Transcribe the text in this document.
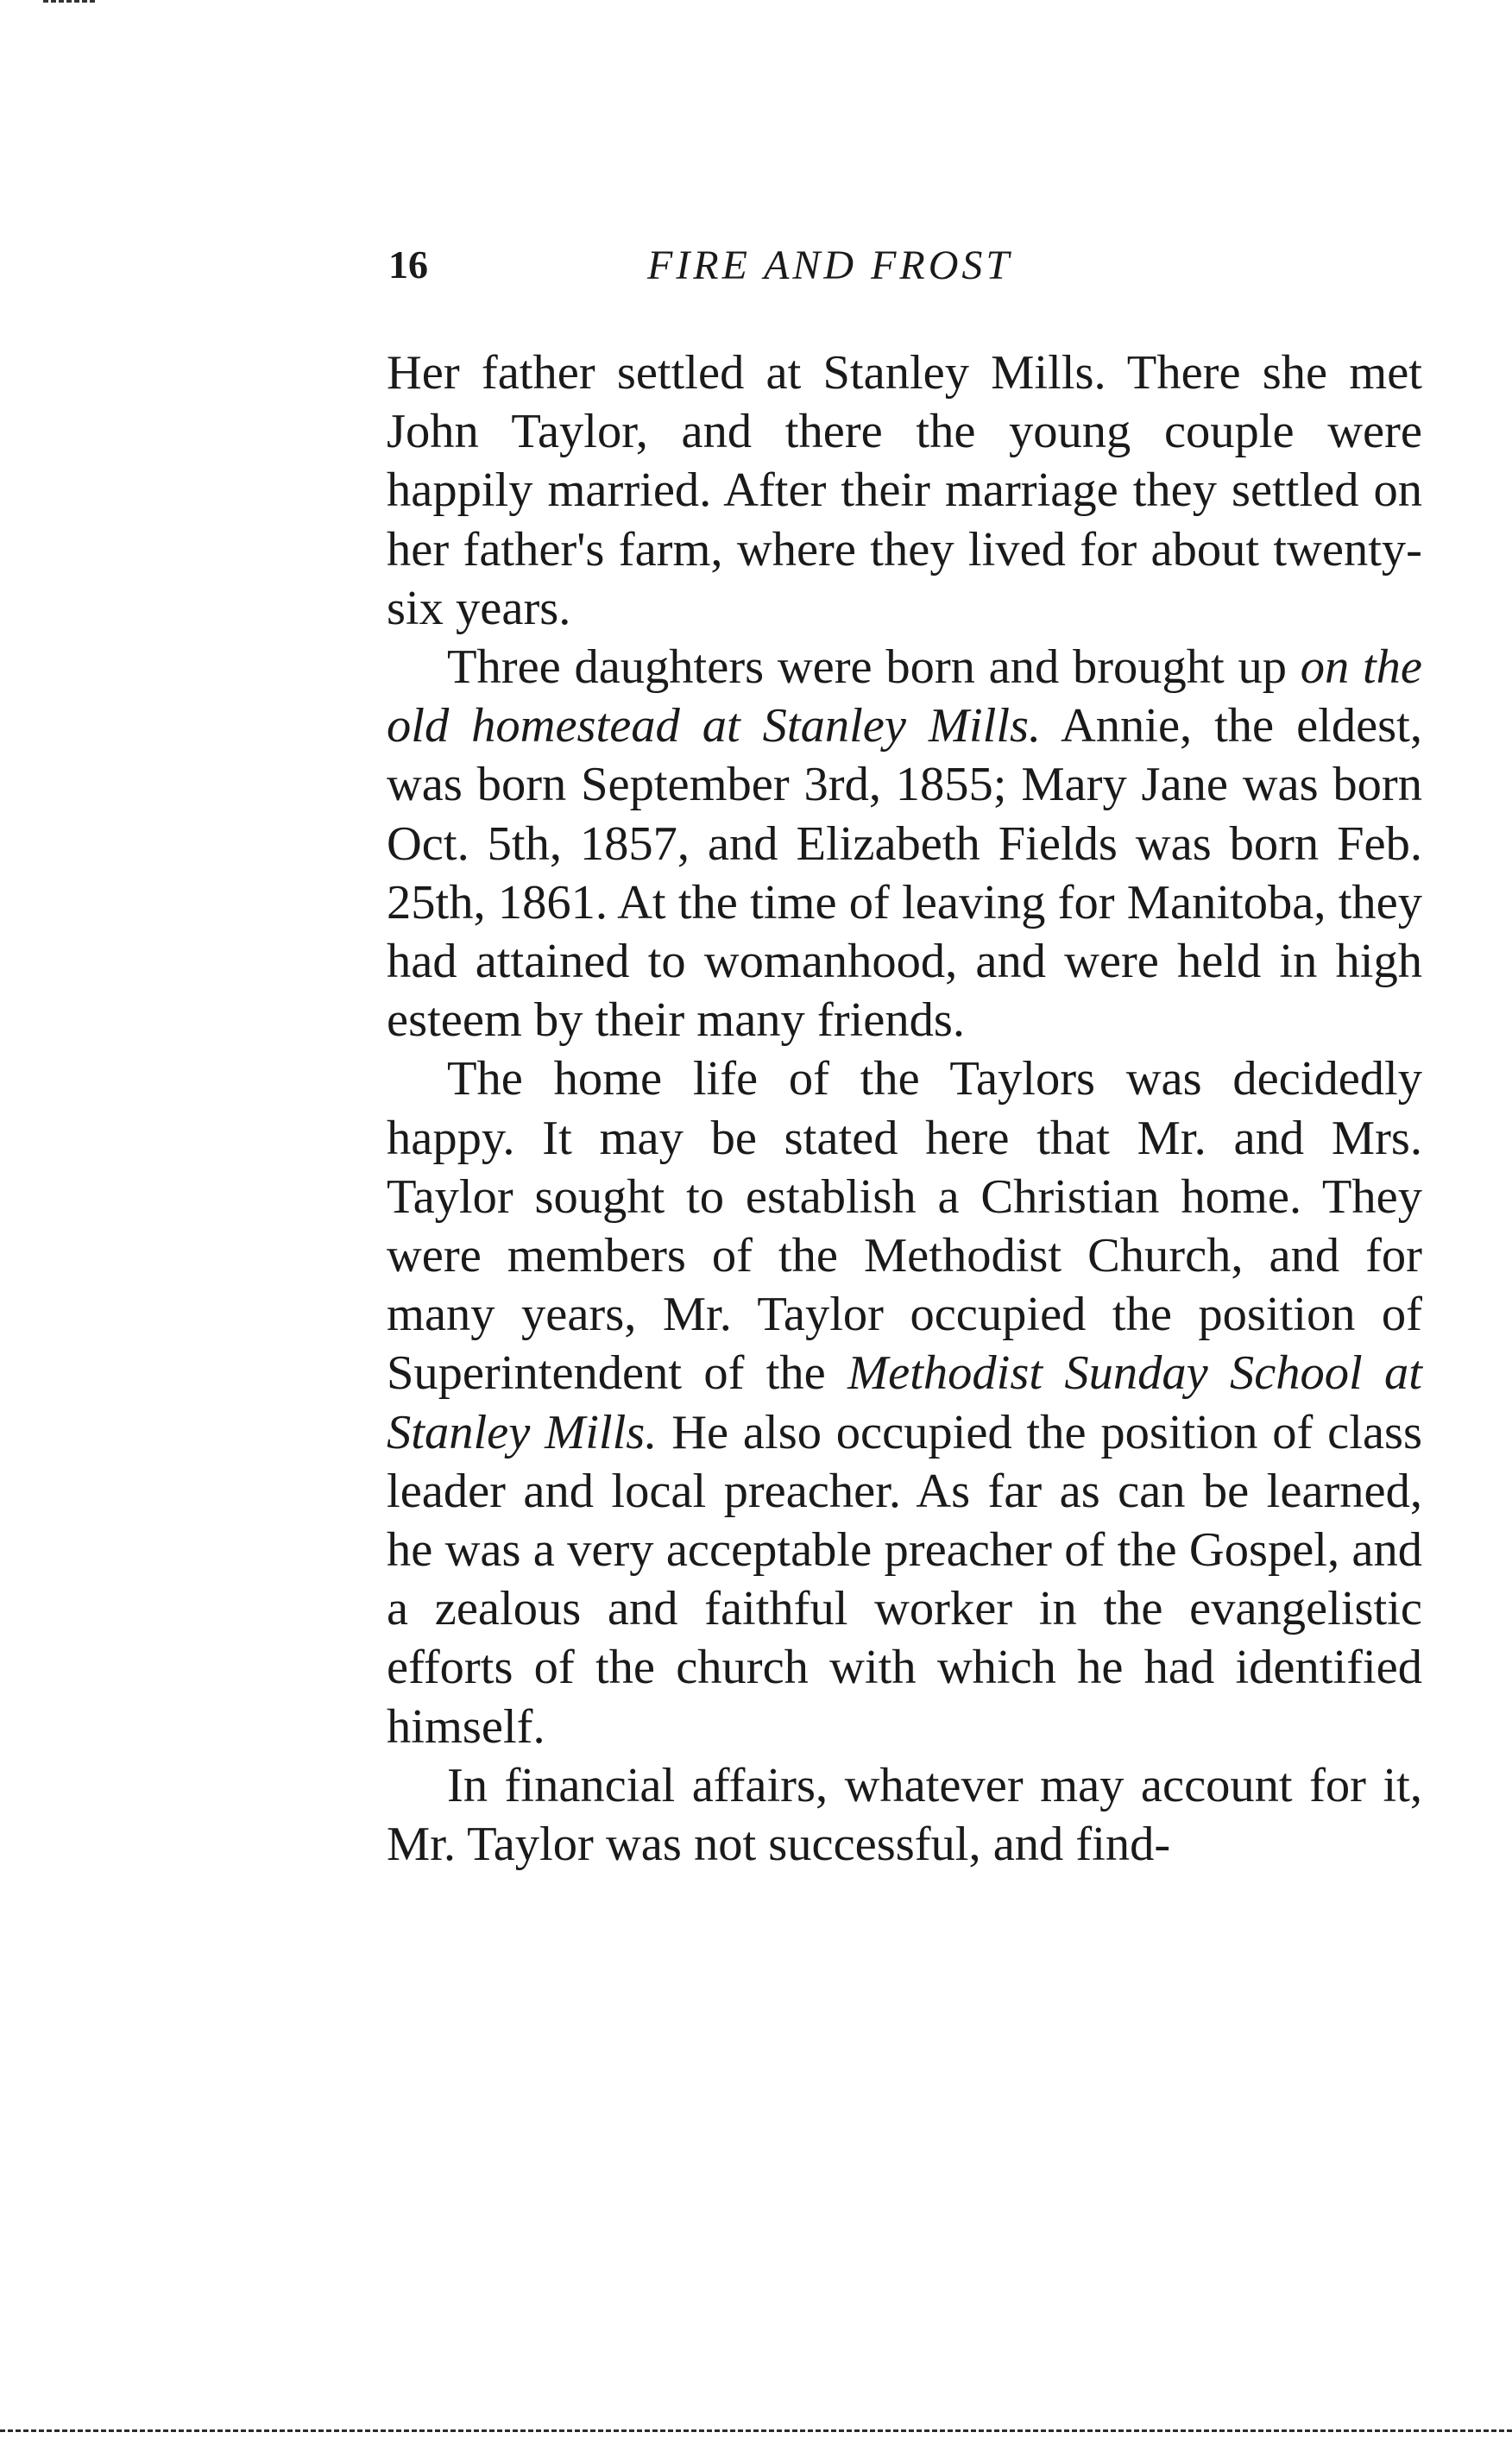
16	FIRE AND FROST

Her father settled at Stanley Mills. There she met John Taylor, and there the young couple were happily married. After their marriage they settled on her father's farm, where they lived for about twenty-six years.

Three daughters were born and brought up on the old homestead at Stanley Mills. Annie, the eldest, was born September 3rd, 1855; Mary Jane was born Oct. 5th, 1857, and Elizabeth Fields was born Feb. 25th, 1861. At the time of leaving for Manitoba, they had attained to womanhood, and were held in high esteem by their many friends.

The home life of the Taylors was decidedly happy. It may be stated here that Mr. and Mrs. Taylor sought to establish a Christian home. They were members of the Methodist Church, and for many years, Mr. Taylor occupied the position of Superintendent of the Methodist Sunday School at Stanley Mills. He also occupied the position of class leader and local preacher. As far as can be learned, he was a very acceptable preacher of the Gospel, and a zealous and faithful worker in the evangelistic efforts of the church with which he had identified himself.

In financial affairs, whatever may account for it, Mr. Taylor was not successful, and find-
